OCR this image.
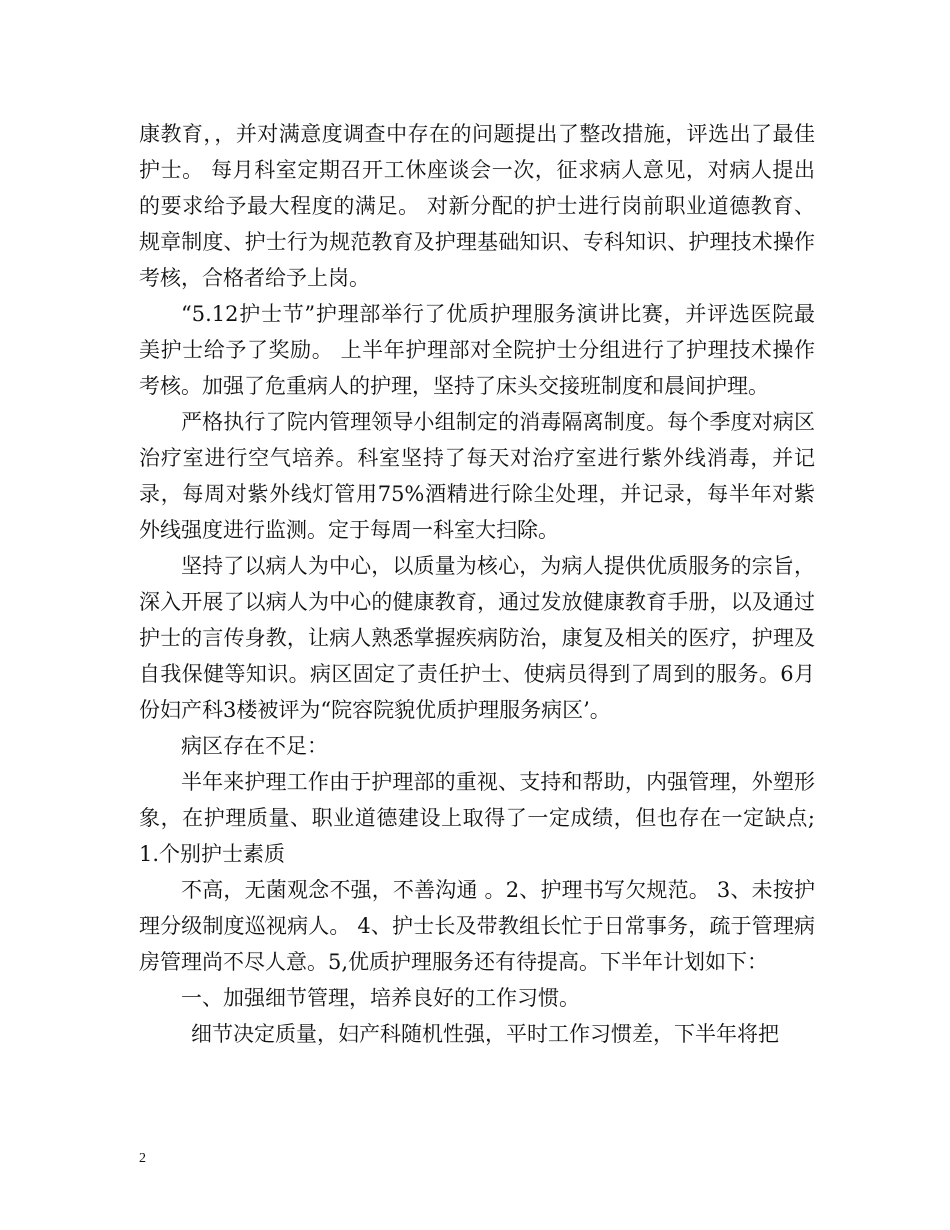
康教育，，并对满意度调查中存在的问题提出了整改措施，评选出了最佳护士。 每月科室定期召开工休座谈会一次，征求病人意见，对病人提出的要求给予最大程度的满足。 对新分配的护士进行岗前职业道德教育、规章制度、护士行为规范教育及护理基础知识、专科知识、护理技术操作考核，合格者给予上岗。

“5.12护士节”护理部举行了优质护理服务演讲比赛，并评选医院最美护士给予了奖励。 上半年护理部对全院护士分组进行了护理技术操作考核。加强了危重病人的护理，坚持了床头交接班制度和晨间护理。

严格执行了院内管理领导小组制定的消毒隔离制度。每个季度对病区治疗室进行空气培养。科室坚持了每天对治疗室进行紫外线消毒，并记录，每周对紫外线灯管用75%酒精进行除尘处理，并记录，每半年对紫外线强度进行监测。定于每周一科室大扫除。

坚持了以病人为中心，以质量为核心，为病人提供优质服务的宗旨，深入开展了以病人为中心的健康教育，通过发放健康教育手册，以及通过护士的言传身教，让病人熟悉掌握疾病防治，康复及相关的医疗，护理及自我保健等知识。病区固定了责任护士、使病员得到了周到的服务。6月份妇产科3楼被评为“院容院貌优质护理服务病区’。

病区存在不足：

半年来护理工作由于护理部的重视、支持和帮助，内强管理，外塑形象，在护理质量、职业道德建设上取得了一定成绩，但也存在一定缺点;1.个别护士素质

不高，无菌观念不强，不善沟通 。2、护理书写欠规范。 3、未按护理分级制度巡视病人。 4、护士长及带教组长忙于日常事务，疏于管理病房管理尚不尽人意。5,优质护理服务还有待提高。下半年计划如下：

一、加强细节管理，培养良好的工作习惯。

细节决定质量，妇产科随机性强，平时工作习惯差，下半年将把

2
